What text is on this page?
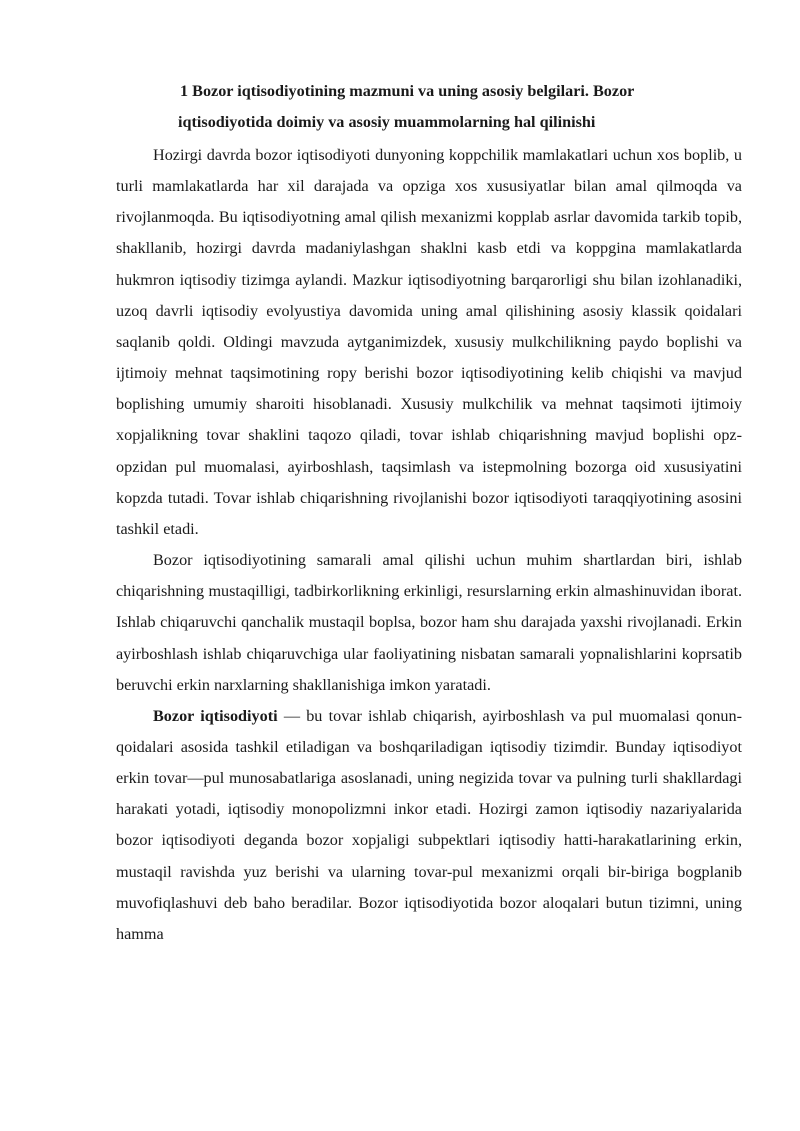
1 Bozor iqtisodiyotining mazmuni va uning asosiy belgilari. Bozor
iqtisodiyotida doimiy va asosiy muammolarning hal qilinishi

Hozirgi davrda bozor iqtisodiyoti dunyoning koppchilik mamlakatlari uchun xos boplib, u turli mamlakatlarda har xil darajada va opziga xos xususiyatlar bilan amal qilmoqda va rivojlanmoqda. Bu iqtisodiyotning amal qilish mexanizmi kopplab asrlar davomida tarkib topib, shakllanib, hozirgi davrda madaniylashgan shaklni kasb etdi va koppgina mamlakatlarda hukmron iqtisodiy tizimga aylandi. Mazkur iqtisodiyotning barqarorligi shu bilan izohlanadiki, uzoq davrli iqtisodiy evolyustiya davomida uning amal qilishining asosiy klassik qoidalari saqlanib qoldi. Oldingi mavzuda aytganimizdek, xususiy mulkchilikning paydo boplishi va ijtimoiy mehnat taqsimotining ropy berishi bozor iqtisodiyotining kelib chiqishi va mavjud boplishing umumiy sharoiti hisoblanadi. Xususiy mulkchilik va mehnat taqsimoti ijtimoiy xopjalikning tovar shaklini taqozo qiladi, tovar ishlab chiqarishning mavjud boplishi opz-opzidan pul muomalasi, ayirboshlash, taqsimlash va istepmolning bozorga oid xususiyatini kopzda tutadi. Tovar ishlab chiqarishning rivojlanishi bozor iqtisodiyoti taraqqiyotining asosini tashkil etadi.

Bozor iqtisodiyotining samarali amal qilishi uchun muhim shartlardan biri, ishlab chiqarishning mustaqilligi, tadbirkorlikning erkinligi, resurslarning erkin almashinuvidan iborat. Ishlab chiqaruvchi qanchalik mustaqil boplsa, bozor ham shu darajada yaxshi rivojlanadi. Erkin ayirboshlash ishlab chiqaruvchiga ular faoliyatining nisbatan samarali yopnalishlarini koprsatib beruvchi erkin narxlarning shakllanishiga imkon yaratadi.

Bozor iqtisodiyoti — bu tovar ishlab chiqarish, ayirboshlash va pul muomalasi qonun-qoidalari asosida tashkil etiladigan va boshqariladigan iqtisodiy tizimdir. Bunday iqtisodiyot erkin tovar—pul munosabatlariga asoslanadi, uning negizida tovar va pulning turli shakllardagi harakati yotadi, iqtisodiy monopolizmni inkor etadi. Hozirgi zamon iqtisodiy nazariyalarida bozor iqtisodiyoti deganda bozor xopjaligi subpektlari iqtisodiy hatti-harakatlarining erkin, mustaqil ravishda yuz berishi va ularning tovar-pul mexanizmi orqali bir-biriga bogplanib muvofiqlashuvi deb baho beradilar. Bozor iqtisodiyotida bozor aloqalari butun tizimni, uning hamma
